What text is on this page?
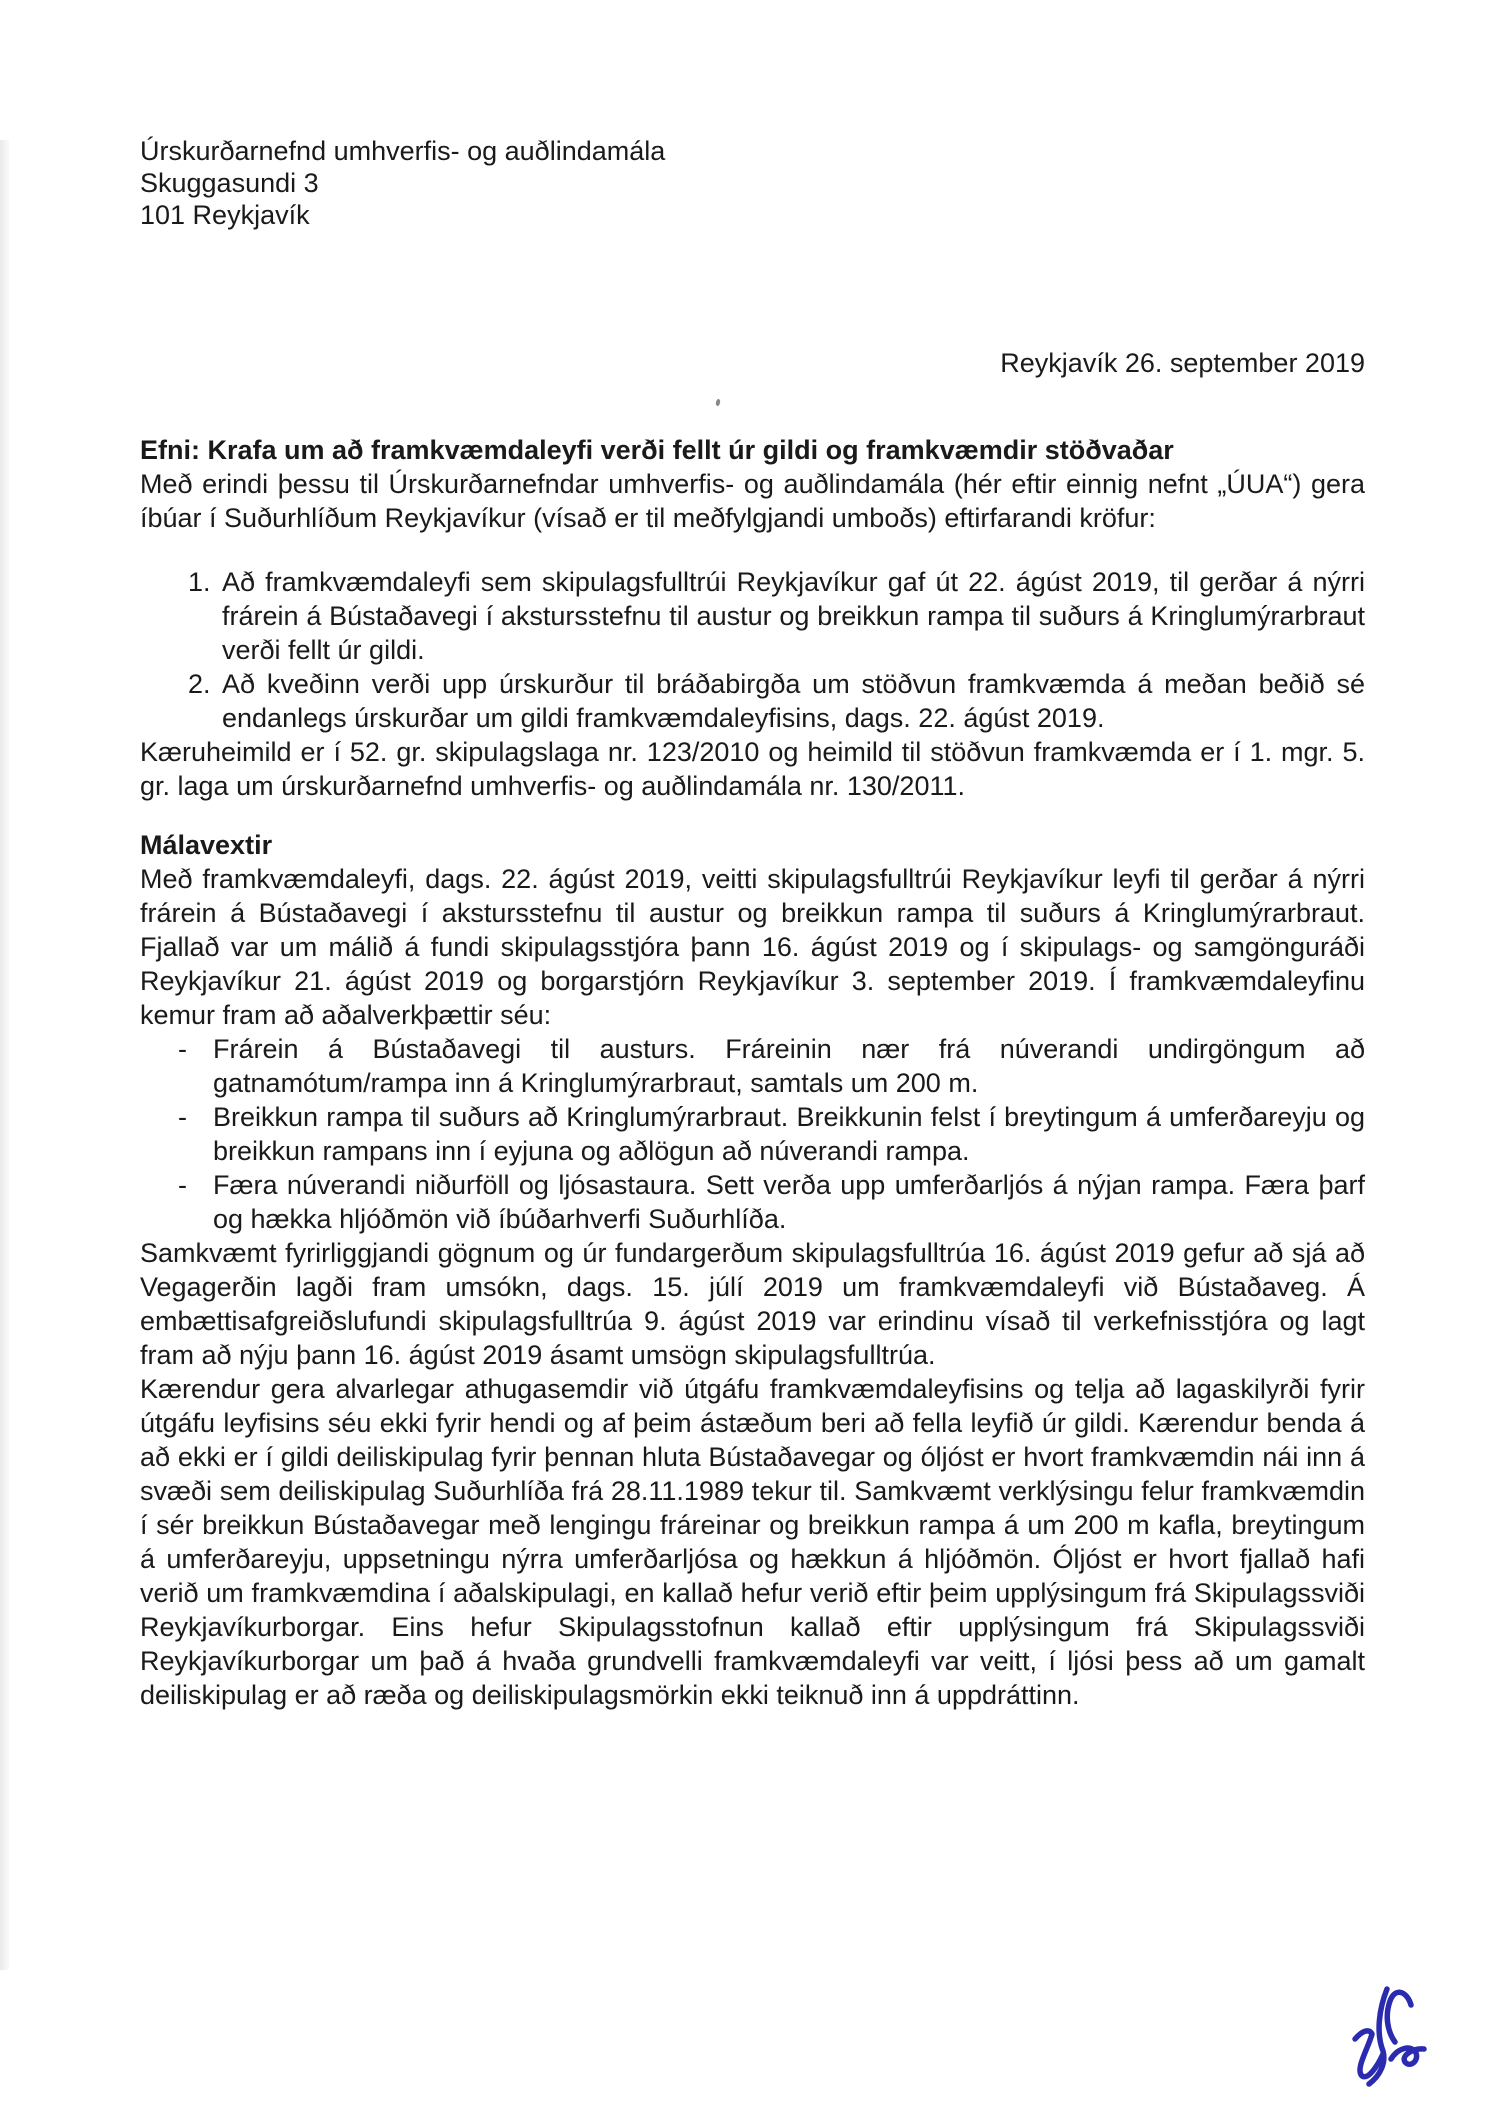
Úrskurðarnefnd umhverfis- og auðlindamála
Skuggasundi 3
101 Reykjavík
Reykjavík 26. september 2019
Efni: Krafa um að framkvæmdaleyfi verði fellt úr gildi og framkvæmdir stöðvaðar

Með erindi þessu til Úrskurðarnefndar umhverfis- og auðlindamála (hér eftir einnig nefnt „ÚUA“) gera íbúar í Suðurhlíðum Reykjavíkur (vísað er til meðfylgjandi umboðs) eftirfarandi kröfur:

1. Að framkvæmdaleyfi sem skipulagsfulltrúi Reykjavíkur gaf út 22. ágúst 2019, til gerðar á nýrri frárein á Bústaðavegi í akstursstefnu til austur og breikkun rampa til suðurs á Kringlumýrarbraut verði fellt úr gildi.
2. Að kveðinn verði upp úrskurður til bráðabirgða um stöðvun framkvæmda á meðan beðið sé endanlegs úrskurðar um gildi framkvæmdaleyfisins, dags. 22. ágúst 2019.

Kæruheimild er í 52. gr. skipulagslaga nr. 123/2010 og heimild til stöðvun framkvæmda er í 1. mgr. 5. gr. laga um úrskurðarnefnd umhverfis- og auðlindamála nr. 130/2011.

Málavextir

Með framkvæmdaleyfi, dags. 22. ágúst 2019, veitti skipulagsfulltrúi Reykjavíkur leyfi til gerðar á nýrri frárein á Bústaðavegi í akstursstefnu til austur og breikkun rampa til suðurs á Kringlumýrarbraut. Fjallað var um málið á fundi skipulagsstjóra þann 16. ágúst 2019 og í skipulags- og samgönguráði Reykjavíkur 21. ágúst 2019 og borgarstjórn Reykjavíkur 3. september 2019. Í framkvæmdaleyfinu kemur fram að aðalverkþættir séu:

- Frárein á Bústaðavegi til austurs. Fráreinin nær frá núverandi undirgöngum að gatnamótum/rampa inn á Kringlumýrarbraut, samtals um 200 m.
- Breikkun rampa til suðurs að Kringlumýrarbraut. Breikkunin felst í breytingum á umferðareyju og breikkun rampans inn í eyjuna og aðlögun að núverandi rampa.
- Færa núverandi niðurföll og ljósastaura. Sett verða upp umferðarljós á nýjan rampa. Færa þarf og hækka hljóðmön við íbúðarhverfi Suðurhlíða.

Samkvæmt fyrirliggjandi gögnum og úr fundargerðum skipulagsfulltrúa 16. ágúst 2019 gefur að sjá að Vegagerðin lagði fram umsókn, dags. 15. júlí 2019 um framkvæmdaleyfi við Bústaðaveg. Á embættisafgreiðslufundi skipulagsfulltrúa 9. ágúst 2019 var erindinu vísað til verkefnisstjóra og lagt fram að nýju þann 16. ágúst 2019 ásamt umsögn skipulagsfulltrúa.

Kærendur gera alvarlegar athugasemdir við útgáfu framkvæmdaleyfisins og telja að lagaskilyrði fyrir útgáfu leyfisins séu ekki fyrir hendi og af þeim ástæðum beri að fella leyfið úr gildi. Kærendur benda á að ekki er í gildi deiliskipulag fyrir þennan hluta Bústaðavegar og óljóst er hvort framkvæmdin nái inn á svæði sem deiliskipulag Suðurhlíða frá 28.11.1989 tekur til. Samkvæmt verklýsingu felur framkvæmdin í sér breikkun Bústaðavegar með lengingu fráreinar og breikkun rampa á um 200 m kafla, breytingum á umferðareyju, uppsetningu nýrra umferðarljósa og hækkun á hljóðmön. Óljóst er hvort fjallað hafi verið um framkvæmdina í aðalskipulagi, en kallað hefur verið eftir þeim upplýsingum frá Skipulagssviði Reykjavíkurborgar. Eins hefur Skipulagsstofnun kallað eftir upplýsingum frá Skipulagssviði Reykjavíkurborgar um það á hvaða grundvelli framkvæmdaleyfi var veitt, í ljósi þess að um gamalt deiliskipulag er að ræða og deiliskipulagsmörkin ekki teiknuð inn á uppdráttinn.
